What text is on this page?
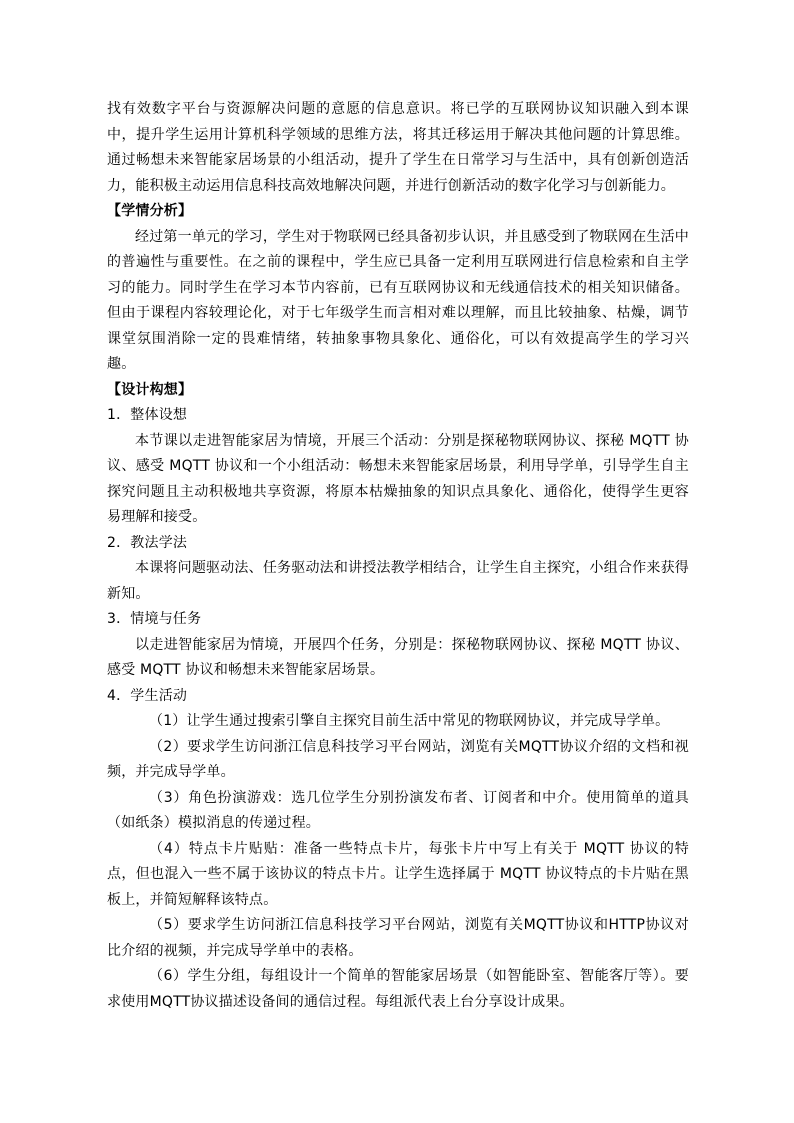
找有效数字平台与资源解决问题的意愿的信息意识。将已学的互联网协议知识融入到本课中，提升学生运用计算机科学领域的思维方法，将其迁移运用于解决其他问题的计算思维。通过畅想未来智能家居场景的小组活动，提升了学生在日常学习与生活中，具有创新创造活力，能积极主动运用信息科技高效地解决问题，并进行创新活动的数字化学习与创新能力。

【学情分析】

经过第一单元的学习，学生对于物联网已经具备初步认识，并且感受到了物联网在生活中的普遍性与重要性。在之前的课程中，学生应已具备一定利用互联网进行信息检索和自主学习的能力。同时学生在学习本节内容前，已有互联网协议和无线通信技术的相关知识储备。但由于课程内容较理论化，对于七年级学生而言相对难以理解，而且比较抽象、枯燥，调节课堂氛围消除一定的畏难情绪，转抽象事物具象化、通俗化，可以有效提高学生的学习兴趣。

【设计构想】

1．整体设想

本节课以走进智能家居为情境，开展三个活动：分别是探秘物联网协议、探秘 MQTT 协议、感受 MQTT 协议和一个小组活动：畅想未来智能家居场景，利用导学单，引导学生自主探究问题且主动积极地共享资源，将原本枯燥抽象的知识点具象化、通俗化，使得学生更容易理解和接受。

2．教法学法

本课将问题驱动法、任务驱动法和讲授法教学相结合，让学生自主探究，小组合作来获得新知。

3．情境与任务

以走进智能家居为情境，开展四个任务，分别是：探秘物联网协议、探秘 MQTT 协议、感受 MQTT 协议和畅想未来智能家居场景。

4．学生活动

（1）让学生通过搜索引擎自主探究目前生活中常见的物联网协议，并完成导学单。

（2）要求学生访问浙江信息科技学习平台网站，浏览有关MQTT协议介绍的文档和视频，并完成导学单。

（3）角色扮演游戏：选几位学生分别扮演发布者、订阅者和中介。使用简单的道具（如纸条）模拟消息的传递过程。

（4）特点卡片贴贴：准备一些特点卡片，每张卡片中写上有关于 MQTT 协议的特点，但也混入一些不属于该协议的特点卡片。让学生选择属于 MQTT 协议特点的卡片贴在黑板上，并简短解释该特点。

（5）要求学生访问浙江信息科技学习平台网站，浏览有关MQTT协议和HTTP协议对比介绍的视频，并完成导学单中的表格。

（6）学生分组，每组设计一个简单的智能家居场景（如智能卧室、智能客厅等）。要求使用MQTT协议描述设备间的通信过程。每组派代表上台分享设计成果。
